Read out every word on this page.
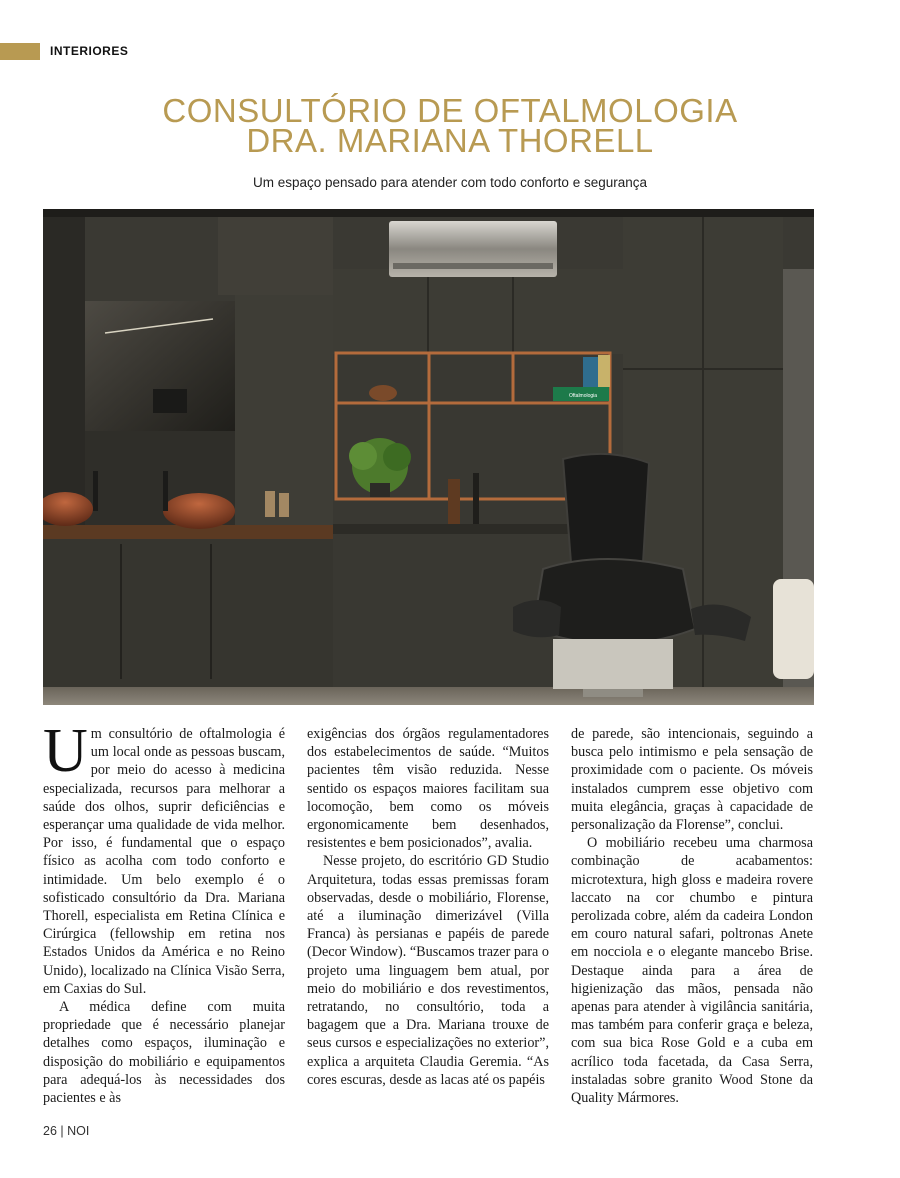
INTERIORES
CONSULTÓRIO DE OFTALMOLOGIA
DRA. MARIANA THORELL
Um espaço pensado para atender com todo conforto e segurança
Oftalmologia

Um consultório de oftalmologia é um local onde as pessoas buscam, por meio do acesso à medicina especializada, recursos para melhorar a saúde dos olhos, suprir deficiências e esperançar uma qualidade de vida melhor. Por isso, é fundamental que o espaço físico as acolha com todo conforto e intimidade. Um belo exemplo é o sofisticado consultório da Dra. Mariana Thorell, especialista em Retina Clínica e Cirúrgica (fellowship em retina nos Estados Unidos da América e no Reino Unido), localizado na Clínica Visão Serra, em Caxias do Sul.

A médica define com muita propriedade que é necessário planejar detalhes como espaços, iluminação e disposição do mobiliário e equipamentos para adequá-los às necessidades dos pacientes e às

exigências dos órgãos regulamentadores dos estabelecimentos de saúde. “Muitos pacientes têm visão reduzida. Nesse sentido os espaços maiores facilitam sua locomoção, bem como os móveis ergonomicamente bem desenhados, resistentes e bem posicionados”, avalia.

Nesse projeto, do escritório GD Studio Arquitetura, todas essas premissas foram observadas, desde o mobiliário, Florense, até a iluminação dimerizável (Villa Franca) às persianas e papéis de parede (Decor Window). “Buscamos trazer para o projeto uma linguagem bem atual, por meio do mobiliário e dos revestimentos, retratando, no consultório, toda a bagagem que a Dra. Mariana trouxe de seus cursos e especializações no exterior”, explica a arquiteta Claudia Geremia. “As cores escuras, desde as lacas até os papéis

de parede, são intencionais, seguindo a busca pelo intimismo e pela sensação de proximidade com o paciente. Os móveis instalados cumprem esse objetivo com muita elegância, graças à capacidade de personalização da Florense”, conclui.

O mobiliário recebeu uma charmosa combinação de acabamentos: microtextura, high gloss e madeira rovere laccato na cor chumbo e pintura perolizada cobre, além da cadeira London em couro natural safari, poltronas Anete em nocciola e o elegante mancebo Brise. Destaque ainda para a área de higienização das mãos, pensada não apenas para atender à vigilância sanitária, mas também para conferir graça e beleza, com sua bica Rose Gold e a cuba em acrílico toda facetada, da Casa Serra, instaladas sobre granito Wood Stone da Quality Mármores.

26 | NOI
